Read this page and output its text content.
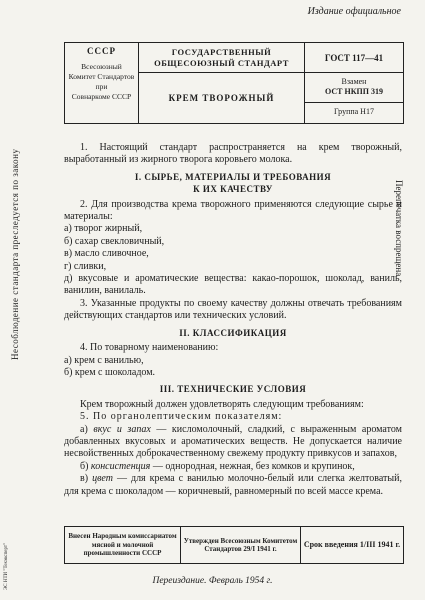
Издание официальное
СССР
Всесоюзный
Комитет Стандартов
при
Совнаркоме СССР
ГОСУДАРСТВЕННЫЙ
ОБЩЕСОЮЗНЫЙ СТАНДАРТ
КРЕМ ТВОРОЖНЫЙ
ГОСТ 117—41
Взамен
ОСТ НКПП 319
Группа Н17
Несоблюдение стандарта преследуется по закону	Перепечатка воспрещена
ЭС НТИ "Техэксперт"

1. Настоящий стандарт распространяется на крем творожный, выработанный из жирного творога коровьего молока.

I. СЫРЬЕ, МАТЕРИАЛЫ И ТРЕБОВАНИЯ
К ИХ КАЧЕСТВУ

2. Для производства крема творожного применяются следующие сырье и материалы:

а) творог жирный,

б) сахар свекловичный,

в) масло сливочное,

г) сливки,

д) вкусовые и ароматические вещества: какао-порошок, шоколад, ваниль, ванилин, ванилаль.

3. Указанные продукты по своему качеству должны отвечать требованиям действующих стандартов или технических условий.

II. КЛАССИФИКАЦИЯ

4. По товарному наименованию:

а) крем с ванилью,

б) крем с шоколадом.

III. ТЕХНИЧЕСКИЕ УСЛОВИЯ

Крем творожный должен удовлетворять следующим требованиям:

5. По органолептическим показателям:

а) вкус и запах — кисломолочный, сладкий, с выраженным ароматом добавленных вкусовых и ароматических веществ. Не допускается наличие несвойственных доброкачественному свежему продукту привкусов и запахов,

б) консистенция — однородная, нежная, без комков и крупинок,

в) цвет — для крема с ванилью молочно-белый или слегка желтоватый, для крема с шоколадом — коричневый, равномерный по всей массе крема.

Внесен Народным комиссариатом мясной и молочной промышленности СССР
Утвержден Всесоюзным Комитетом Стандартов 29/I 1941 г.
Срок введения 1/III 1941 г.
Переиздание. Февраль 1954 г.
